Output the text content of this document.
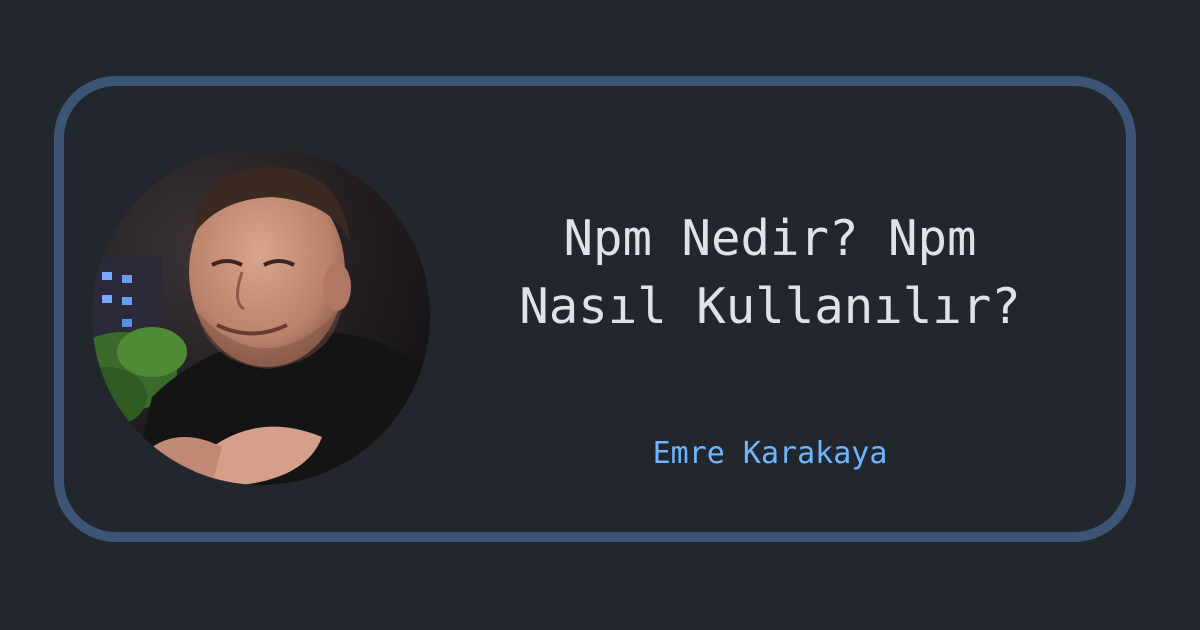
Npm Nedir? Npm
Nasıl Kullanılır?
Emre Karakaya
